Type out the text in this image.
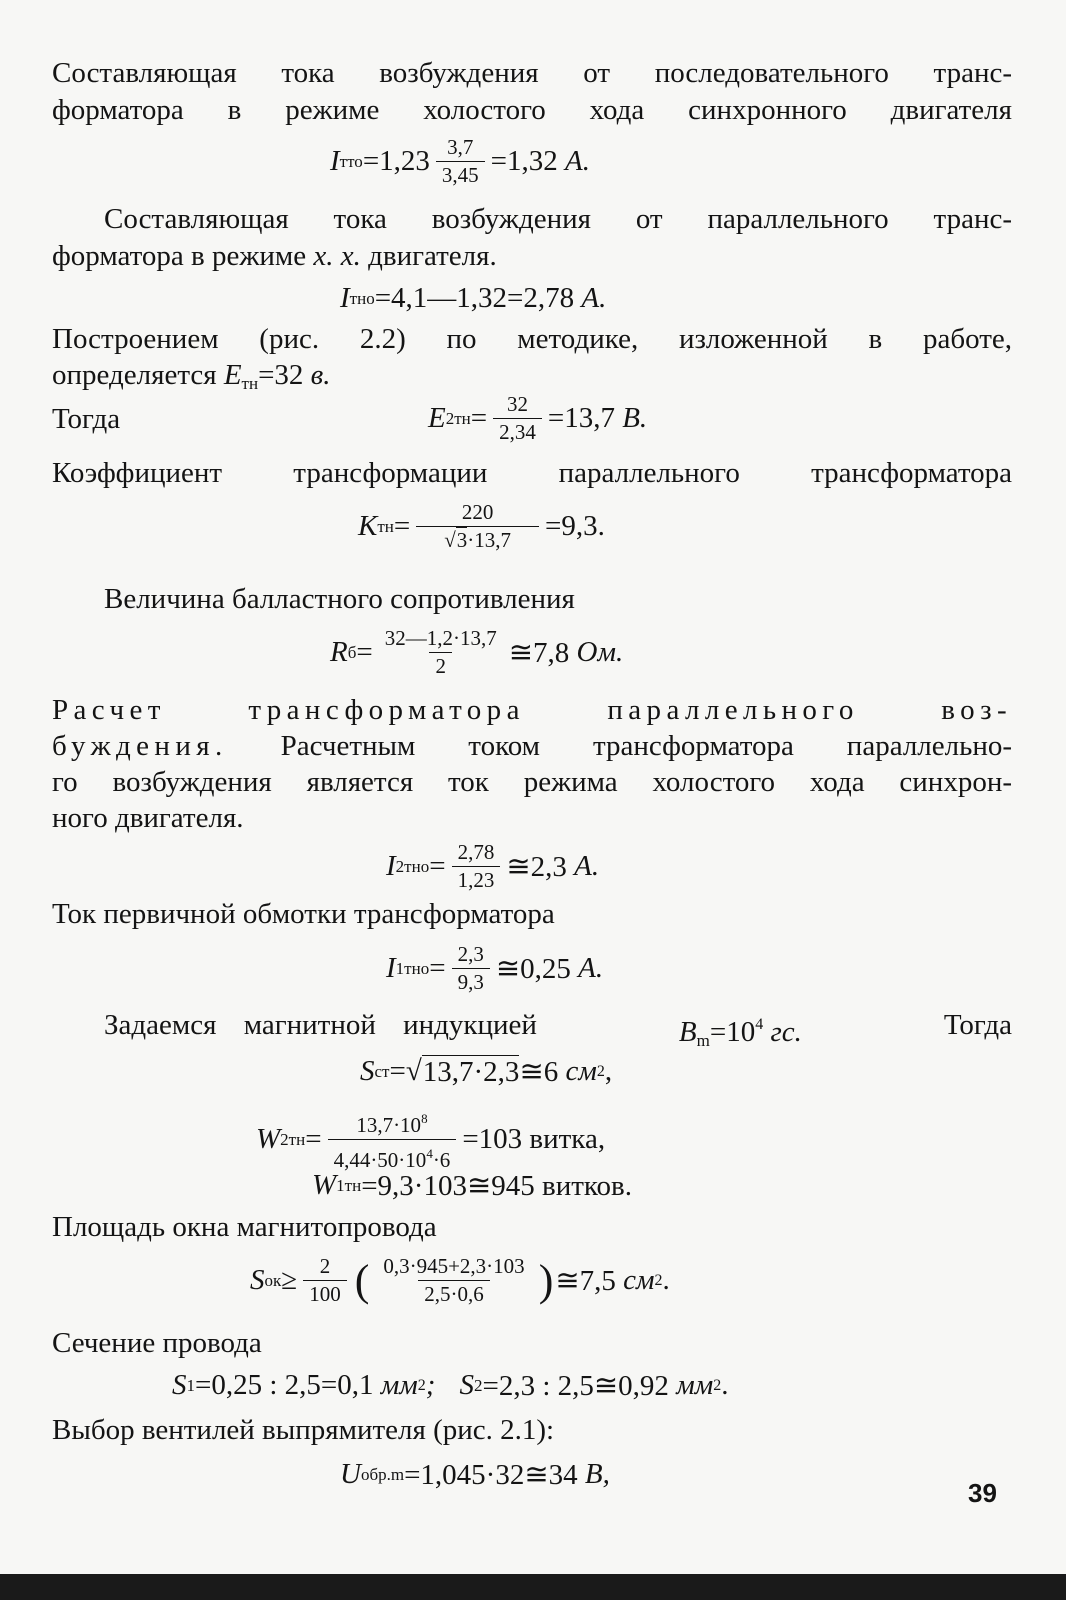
Составляющая тока возбуждения от последовательного транс-
форматора в режиме холостого хода синхронного двигателя
I тто $=1,23 \frac{3,7}{3,45} =1,32$
A.
Составляющая тока возбуждения от параллельного транс-
форматора в режиме х. х. двигателя.
I тно =4,1—1,32=2,78
A.
Построением (рис. 2.2) по методике, изложенной в работе,
определяется $E_{тн}=32$ в.
Тогда	E $2тн = \frac{32}{2,34} =13,7$
B.
Коэффициент трансформации параллельного трансформатора
K тн = $\frac{220}{√3\cdot 13,7} =9,3$.
Величина балластного сопротивления
R $б = \frac{32—1,2\cdot 13,7}{2}$ ≅7,8
Ом.
Расчет трансформатора параллельного воз-
буждения. Расчетным током трансформатора параллельно-
го возбуждения является ток режима холостого хода синхрон-
ного двигателя.
I $2тно = \frac{2,78}{1,23}$ ≅2,3
A.
Ток первичной обмотки трансформатора
I $1тно = \frac{2,3}{9,3}$ ≅0,25
A.
Задаемся магнитной индукцией	$B_m=10^4$ гс.	Тогда
S ст = √ 13,7·2,3 ≅6
см 2 ,
W $2тн = \frac{13,7\cdot 10^8}{4,44\cdot 50\cdot 10^4\cdot 6} =103$ витка,
W 1тн =9,3·103≅945 витков.
Площадь окна магнитопровода
S ок ≥ $\frac{2}{100}$ ( $\frac{0,3\cdot 945+2,3\cdot 103}{2,5\cdot 0,6}$ ) ≅7,5
см 2 .
Сечение провода
S 1 =0,25 : 2,5=0,1
мм 2 ; S 2 =2,3 : 2,5≅0,92
мм 2 .
Выбор вентилей выпрямителя (рис. 2.1):
U обр.m =1,045·32≅34
B,
39
